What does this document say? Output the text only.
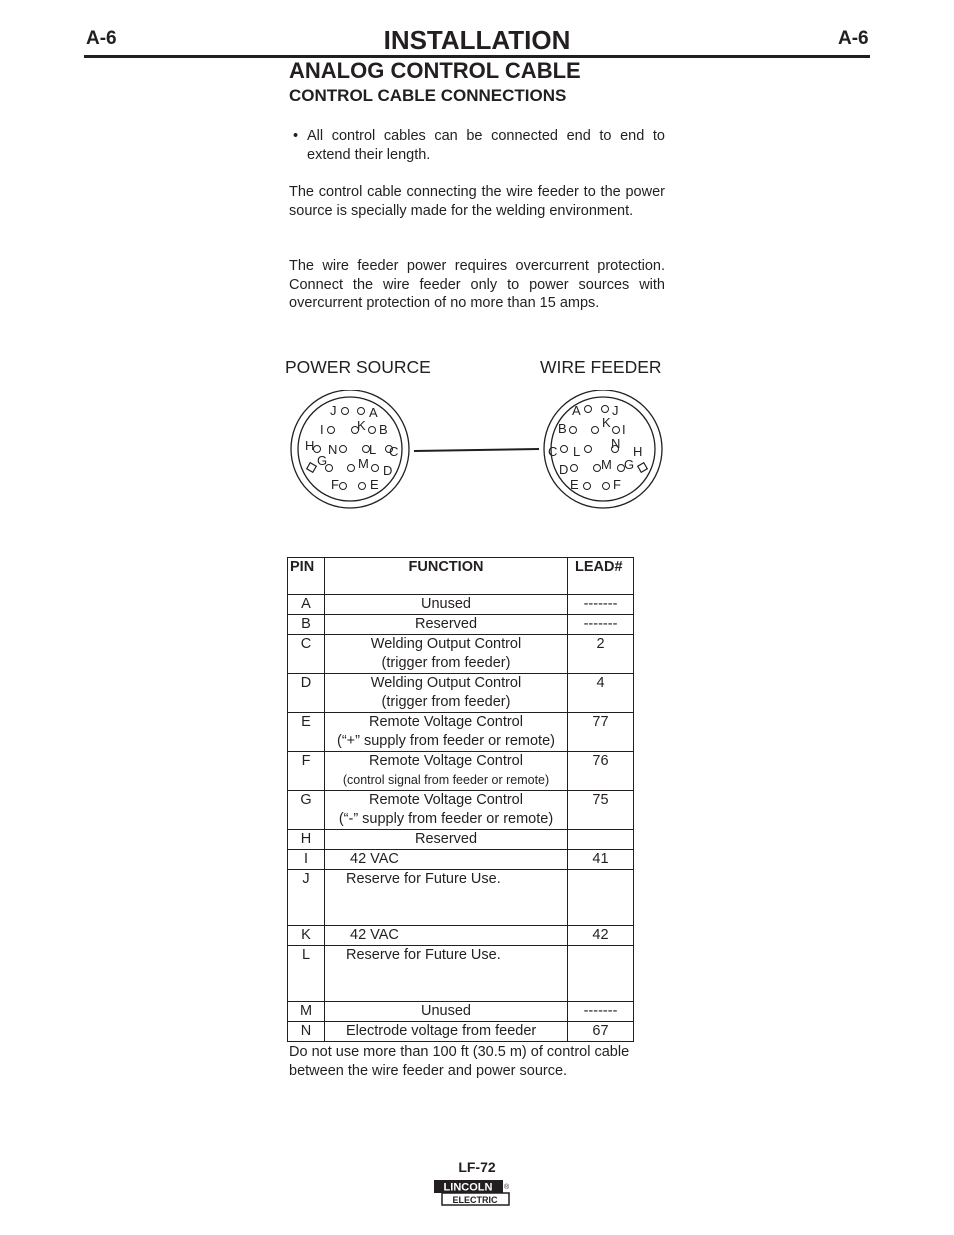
A-6	INSTALLATION	A-6
ANALOG CONTROL CABLE
CONTROL CABLE CONNECTIONS
• All control cables can be connected end to end to extend their length.
The control cable connecting the wire feeder to the power source is specially made for the welding environment.
The wire feeder power requires overcurrent protection. Connect the wire feeder only to power sources with overcurrent protection of no more than 15 amps.
POWER SOURCE	WIRE FEEDER
J	A
I	K B
H N L C
G M D
F E
A J
B	K I
C L
N
H
D	M G
E	F
PIN	FUNCTION	LEAD#
A	Unused	-------
B	Reserved	-------
C	Welding Output Control
(trigger from feeder)	2
D	Welding Output Control
(trigger from feeder)	4
E	Remote Voltage Control
(“+” supply from feeder or remote)	77
F	Remote Voltage Control
(control signal from feeder or remote)	76
G	Remote Voltage Control
(“-” supply from feeder or remote)	75
H	Reserved	
I	42 VAC	41
J	Reserve for Future Use.	
K	42 VAC	42
L	Reserve for Future Use.	
M	Unused	-------
N	Electrode voltage from feeder	67
Do not use more than 100 ft (30.5 m) of control cable between the wire feeder and power source.
LF-72
LINCOLN
ELECTRIC
®
